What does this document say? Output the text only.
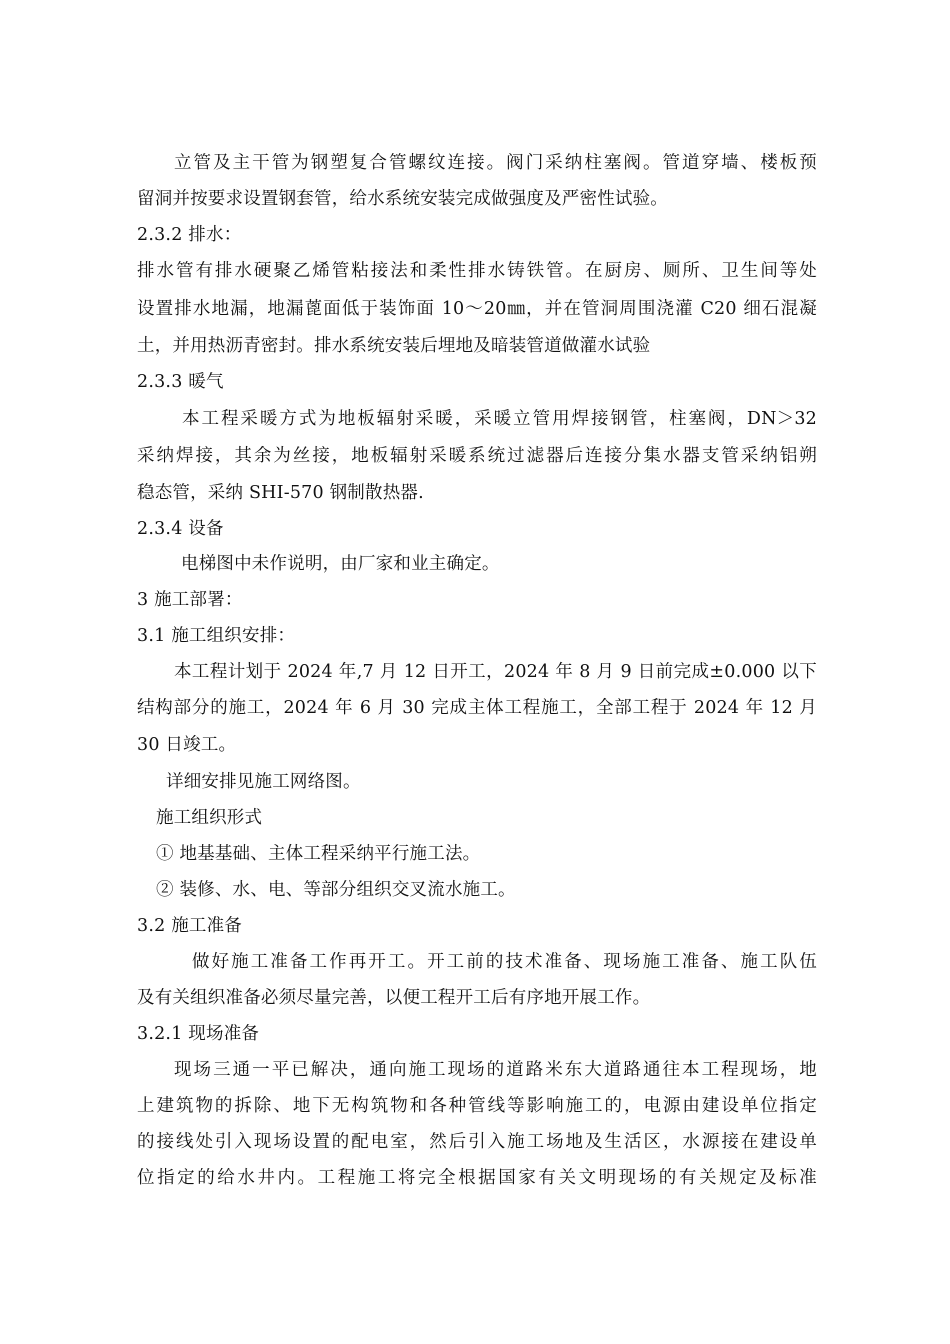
立管及主干管为钢塑复合管螺纹连接。阀门采纳柱塞阀。管道穿墙、楼板预
留洞并按要求设置钢套管，给水系统安装完成做强度及严密性试验。
2.3.2 排水：
排水管有排水硬聚乙烯管粘接法和柔性排水铸铁管。在厨房、厕所、卫生间等处
设置排水地漏，地漏蓖面低于装饰面 10～20㎜，并在管洞周围浇灌 C20 细石混凝
土，并用热沥青密封。排水系统安装后埋地及暗装管道做灌水试验
2.3.3 暖气
本工程采暖方式为地板辐射采暖，采暖立管用焊接钢管，柱塞阀，DN＞32
采纳焊接，其余为丝接，地板辐射采暖系统过滤器后连接分集水器支管采纳铝朔
稳态管，采纳 SHI-570 钢制散热器.
2.3.4 设备
电梯图中未作说明，由厂家和业主确定。
3 施工部署：
3.1 施工组织安排：
本工程计划于 2024 年,7 月 12 日开工，2024 年 8 月 9 日前完成±0.000 以下
结构部分的施工，2024 年 6 月 30 完成主体工程施工，全部工程于 2024 年 12 月
30 日竣工。
详细安排见施工网络图。
施工组织形式
① 地基基础、主体工程采纳平行施工法。
② 装修、水、电、等部分组织交叉流水施工。
3.2 施工准备
做好施工准备工作再开工。开工前的技术准备、现场施工准备、施工队伍
及有关组织准备必须尽量完善，以便工程开工后有序地开展工作。
3.2.1 现场准备
现场三通一平已解决，通向施工现场的道路米东大道路通往本工程现场，地
上建筑物的拆除、地下无构筑物和各种管线等影响施工的，电源由建设单位指定
的接线处引入现场设置的配电室，然后引入施工场地及生活区，水源接在建设单
位指定的给水井内。工程施工将完全根据国家有关文明现场的有关规定及标准
